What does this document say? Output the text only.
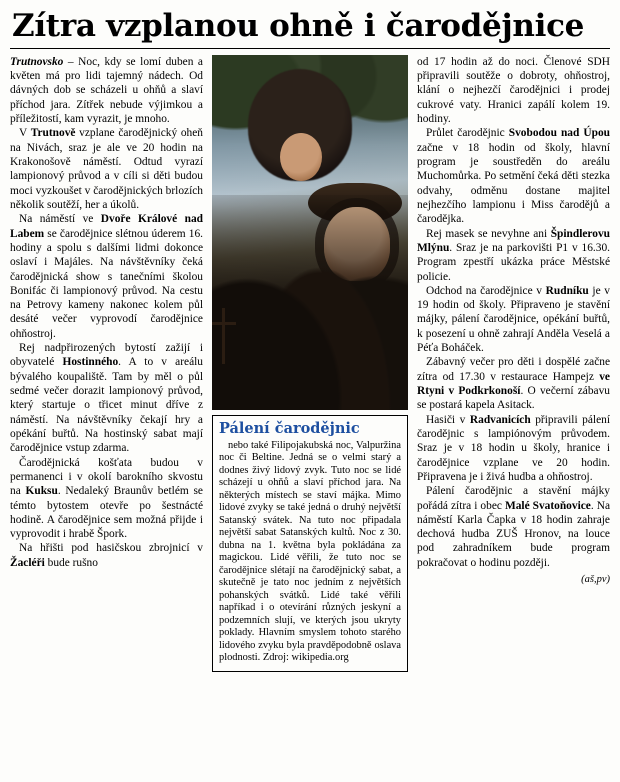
Zítra vzplanou ohně i čarodějnice

Trutnovsko – Noc, kdy se lomí duben a květen má pro lidi tajemný nádech. Od dávných dob se scházeli u ohňů a slaví příchod jara. Zítřek nebude výjimkou a příležitostí, kam vyrazit, je mnoho.

V Trutnově vzplane čarodějnický oheň na Nivách, sraz je ale ve 20 hodin na Krakonošově náměstí. Odtud vyrazí lampionový průvod a v cíli si děti budou moci vyzkoušet v čarodějnických brlozích několik soutěží, her a úkolů.

Na náměstí ve Dvoře Králové nad Labem se čarodějnice slétnou úderem 16. hodiny a spolu s dalšími lidmi dokonce oslaví i Majáles. Na návštěvníky čeká čarodějnická show s tanečními školou Bonifác či lampionový průvod. Na cestu na Petrovy kameny nakonec kolem půl desáté večer vyprovodí čarodějnice ohňostroj.

Rej nadpřirozených bytostí zažijí i obyvatelé Hostinného. A to v areálu bývalého koupaliště. Tam by měl o půl sedmé večer dorazit lampionový průvod, který startuje o třicet minut dříve z náměstí. Na návštěvníky čekají hry a opékání buřtů. Na hostinský sabat mají čarodějnice vstup zdarma.

Čarodějnická košťata budou v permanenci i v okolí barokního skvostu na Kuksu. Nedaleký Braunův betlém se témto bytostem otevře po šestnácté hodině. A čarodějnice sem možná přijde i vyprovodit i hrabě Špork.

Na hřišti pod hasičskou zbrojnicí v Žacléři bude rušno

Pálení čarodějnic

nebo také Filipojakubská noc, Valpuržina noc či Beltine. Jedná se o velmi starý a dodnes živý lidový zvyk. Tuto noc se lidé scházejí u ohňů a slaví příchod jara. Na některých místech se staví májka. Mimo lidové zvyky se také jedná o druhý největší Satanský svátek. Na tuto noc připadala největší sabat Satanských kultů. Noc z 30. dubna na 1. května byla pokládána za magickou. Lidé věřili, že tuto noc se čarodějnice slétají na čarodějnický sabat, a skutečně je tato noc jedním z největších pohanských svátků. Lidé také věřili napříkad i o otevírání různých jeskyní a podzemních slují, ve kterých jsou ukryty poklady. Hlavním smyslem tohoto starého lidového zvyku byla pravděpodobně oslava plodnosti. Zdroj: wikipedia.org

od 17 hodin až do noci. Členové SDH připravili soutěže o dobroty, ohňostroj, klání o nejhezčí čarodějnici i prodej cukrové vaty. Hranici zapálí kolem 19. hodiny.

Průlet čarodějnic Svobodou nad Úpou začne v 18 hodin od školy, hlavní program je soustředěn do areálu Muchomůrka. Po setmění čeká děti stezka odvahy, odměnu dostane majitel nejhezčího lampionu i Miss čarodějů a čarodějka.

Rej masek se nevyhne ani Špindlerovu Mlýnu. Sraz je na parkovišti P1 v 16.30. Program zpestří ukázka práce Městské policie.

Odchod na čarodějnice v Rudníku je v 19 hodin od školy. Připraveno je stavění májky, pálení čarodějnice, opékání buřtů, k posezení u ohně zahrají Anděla Veselá a Péťa Boháček.

Zábavný večer pro děti i dospělé začne zítra od 17.30 v restaurace Hampejz ve Rtyni v Podkrkonoší. O večerní zábavu se postará kapela Asitack.

Hasiči v Radvanicích připravili pálení čarodějnic s lampiónovým průvodem. Sraz je v 18 hodin u školy, hranice i čarodějnice vzplane ve 20 hodin. Připravena je i živá hudba a ohňostroj.

Pálení čarodějnic a stavění májky pořádá zítra i obec Malé Svatoňovice. Na náměstí Karla Čapka v 18 hodin zahraje dechová hudba ZUŠ Hronov, na louce pod zahradníkem bude program pokračovat o hodinu později.

(aš,pv)
